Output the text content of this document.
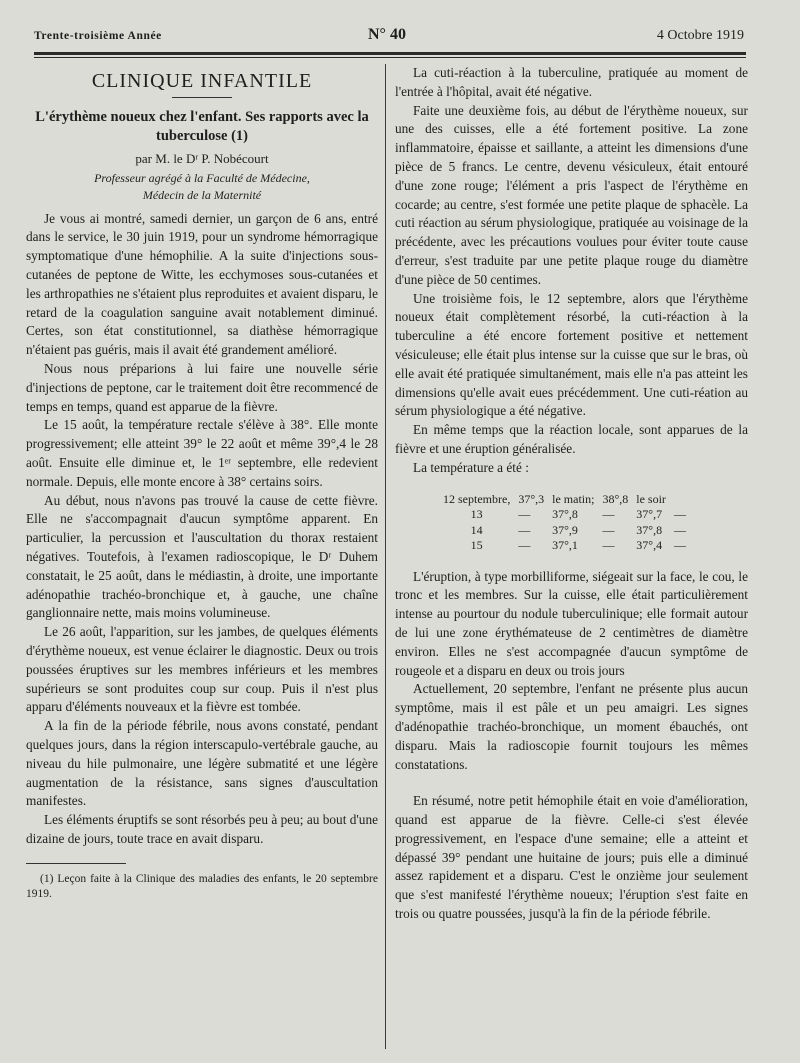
Trente-troisième Année	N° 40	4 Octobre 1919
CLINIQUE INFANTILE
L'érythème noueux chez l'enfant. Ses rapports avec la tuberculose (1)
par M. le Dʳ P. Nobécourt
Professeur agrégé à la Faculté de Médecine,
Médecin de la Maternité

Je vous ai montré, samedi dernier, un garçon de 6 ans, entré dans le service, le 30 juin 1919, pour un syndrome hémorragique symptomatique d'une hémophilie. A la suite d'injections sous-cutanées de peptone de Witte, les ecchymoses sous-cutanées et les arthropathies ne s'étaient plus reproduites et avaient disparu, le retard de la coagulation sanguine avait notablement diminué. Certes, son état constitutionnel, sa diathèse hémorragique n'étaient pas guéris, mais il avait été grandement amélioré.

Nous nous préparions à lui faire une nouvelle série d'injections de peptone, car le traitement doit être recommencé de temps en temps, quand est apparue de la fièvre.

Le 15 août, la température rectale s'élève à 38°. Elle monte progressivement; elle atteint 39° le 22 août et même 39°,4 le 28 août. Ensuite elle diminue et, le 1ᵉʳ septembre, elle redevient normale. Depuis, elle monte encore à 38° certains soirs.

Au début, nous n'avons pas trouvé la cause de cette fièvre. Elle ne s'accompagnait d'aucun symptôme apparent. En particulier, la percussion et l'auscultation du thorax restaient négatives. Toutefois, à l'examen radioscopique, le Dʳ Duhem constatait, le 25 août, dans le médiastin, à droite, une importante adénopathie trachéo-bronchique et, à gauche, une chaîne ganglionnaire nette, mais moins volumineuse.

Le 26 août, l'apparition, sur les jambes, de quelques éléments d'érythème noueux, est venue éclairer le diagnostic. Deux ou trois poussées éruptives sur les membres inférieurs et les membres supérieurs se sont produites coup sur coup. Puis il n'est plus apparu d'éléments nouveaux et la fièvre est tombée.

A la fin de la période fébrile, nous avons constaté, pendant quelques jours, dans la région interscapulo-vertébrale gauche, au niveau du hile pulmonaire, une légère submatité et une légère augmentation de la résistance, sans signes d'auscultation manifestes.

Les éléments éruptifs se sont résorbés peu à peu; au bout d'une dizaine de jours, toute trace en avait disparu.

(1) Leçon faite à la Clinique des maladies des enfants, le 20 septembre 1919.

La cuti-réaction à la tuberculine, pratiquée au moment de l'entrée à l'hôpital, avait été négative.

Faite une deuxième fois, au début de l'érythème noueux, sur une des cuisses, elle a été fortement positive. La zone inflammatoire, épaisse et saillante, a atteint les dimensions d'une pièce de 5 francs. Le centre, devenu vésiculeux, était entouré d'une zone rouge; l'élément a pris l'aspect de l'érythème en cocarde; au centre, s'est formée une petite plaque de sphacèle. La cuti réaction au sérum physiologique, pratiquée au voisinage de la précédente, avec les précautions voulues pour éviter toute cause d'erreur, s'est traduite par une petite plaque rouge du diamètre d'une pièce de 50 centimes.

Une troisième fois, le 12 septembre, alors que l'érythème noueux était complètement résorbé, la cuti-réaction à la tuberculine a été encore fortement positive et nettement vésiculeuse; elle était plus intense sur la cuisse que sur le bras, où elle avait été pratiquée simultanément, mais elle n'a pas atteint les dimensions qu'elle avait eues précédemment. Une cuti-réation au sérum physiologique a été négative.

En même temps que la réaction locale, sont apparues de la fièvre et une éruption généralisée.

La température a été :

12 septembre,	37°,3	le matin;	38°,8	le soir	
13	—	37°,8	—	37°,7	—
14	—	37°,9	—	37°,8	—
15	—	37°,1	—	37°,4	—

L'éruption, à type morbilliforme, siégeait sur la face, le cou, le tronc et les membres. Sur la cuisse, elle était particulièrement intense au pourtour du nodule tuberculinique; elle formait autour de lui une zone érythémateuse de 2 centimètres de diamètre environ. Elles ne s'est accompagnée d'aucun symptôme de rougeole et a disparu en deux ou trois jours

Actuellement, 20 septembre, l'enfant ne présente plus aucun symptôme, mais il est pâle et un peu amaigri. Les signes d'adénopathie trachéo-bronchique, un moment ébauchés, ont disparu. Mais la radioscopie fournit toujours les mêmes constatations.

En résumé, notre petit hémophile était en voie d'amélioration, quand est apparue de la fièvre. Celle-ci s'est élevée progressivement, en l'espace d'une semaine; elle a atteint et dépassé 39° pendant une huitaine de jours; puis elle a diminué assez rapidement et a disparu. C'est le onzième jour seulement que s'est manifesté l'érythème noueux; l'éruption s'est faite en trois ou quatre poussées, jusqu'à la fin de la période fébrile.
